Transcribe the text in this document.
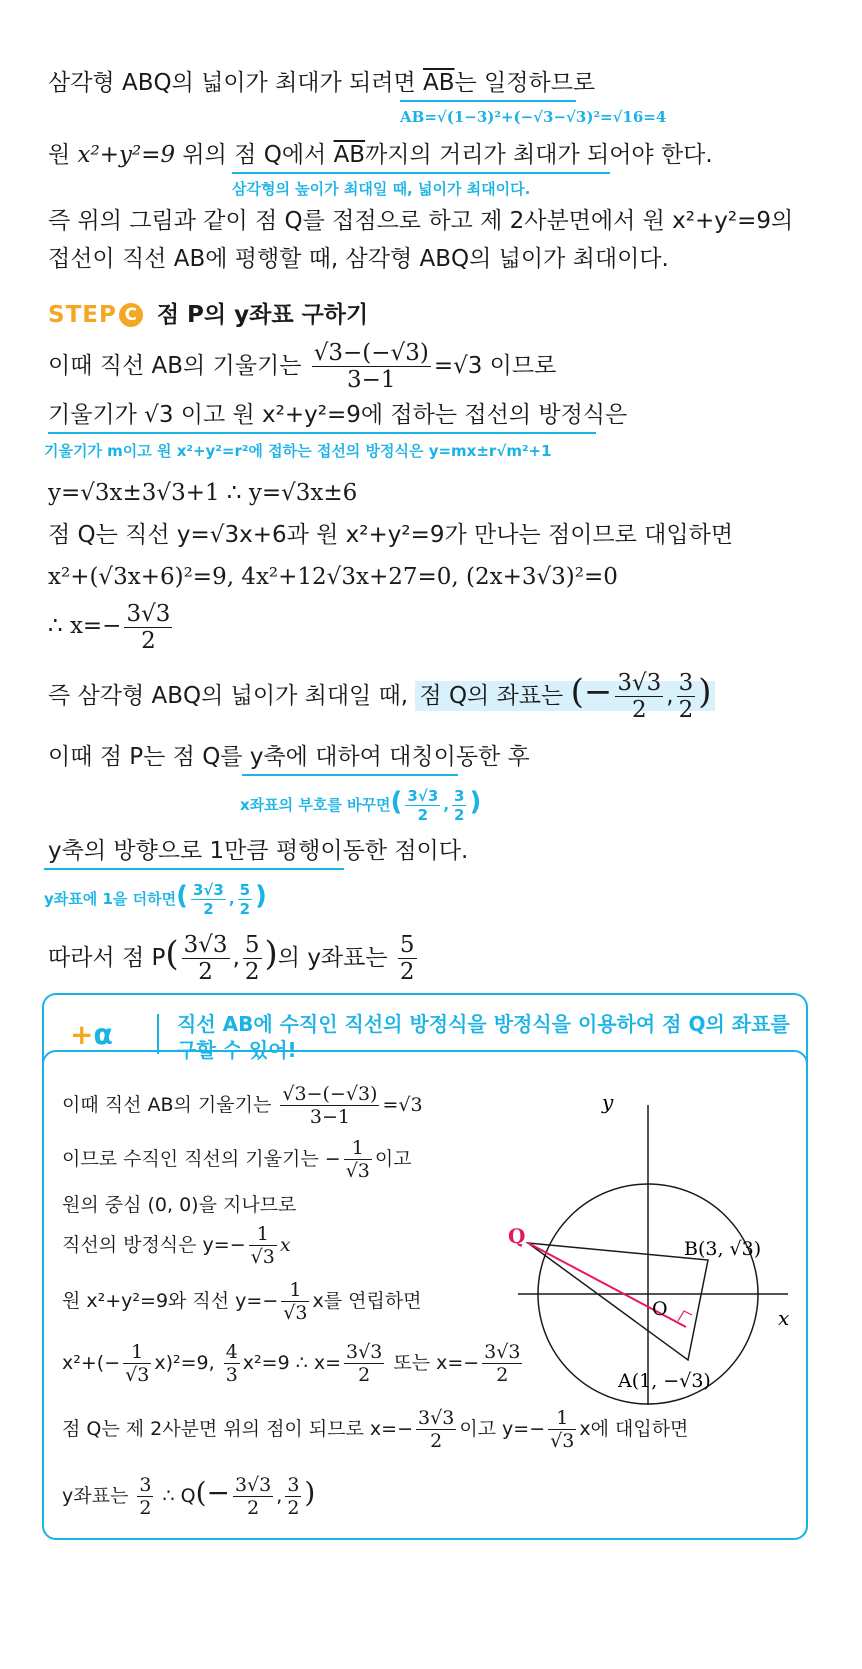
삼각형 ABQ의 넓이가 최대가 되려면 $\overline{AB}$는 일정하므로
AB=√(1−3)²+(−√3−√3)²=√16=4
원 x²+y²=9 위의 점 Q에서 $\overline{AB}$까지의 거리가 최대가 되어야 한다.
삼각형의 높이가 최대일 때, 넓이가 최대이다.
즉 위의 그림과 같이 점 Q를 접점으로 하고 제 2사분면에서 원 x²+y²=9의
접선이 직선 AB에 평행할 때, 삼각형 ABQ의 넓이가 최대이다.
STEP C 점 P의 y좌표 구하기
이때 직선 AB의 기울기는 $\frac{√3-(-√3)}{3-1} =√3$ 이므로
기울기가 √3 이고 원 x²+y²=9에 접하는 접선의 방정식은
기울기가 m이고 원 x²+y²=r²에 접하는 접선의 방정식은 y=mx±r√m²+1
y=√3x±3√3+1 ∴ y=√3x±6
점 Q는 직선 y=√3x+6과 원 x²+y²=9가 만나는 점이므로 대입하면
x²+(√3x+6)²=9, 4x²+12√3x+27=0, (2x+3√3)²=0
∴ $x=- \frac{3√3}{2}$
즉 삼각형 ABQ의 넓이가 최대일 때, 점 Q의 좌표는 (− $\frac{3√3}{2}$ , $\frac{3}{2}$ )
이때 점 P는 점 Q를 y축에 대하여 대칭이동한 후
x좌표의 부호를 바꾸면( $\frac{3√3}{2}$ , $\frac{3}{2}$ )
y축의 방향으로 1만큼 평행이동한 점이다.
y좌표에 1을 더하면( $\frac{3√3}{2}$ , $\frac{5}{2}$ )
따라서 점 $P( \frac{3√3}{2}$ , $\frac{5}{2}$ )의 y좌표는 $\frac{5}{2}$
+α	직선 AB에 수직인 직선의 방정식을 방정식을 이용하여 점 Q의 좌표를
구할 수 있어!
이때 직선 AB의 기울기는 $\frac{√3-(-√3)}{3-1} =√3$
이므로 수직인 직선의 기울기는 − $\frac{1}{√3}$ 이고
원의 중심 (0, 0)을 지나므로
직선의 방정식은 $y=- \frac{1}{√3}$ x
원 x²+y²=9와 직선 $y=- \frac{1}{√3}$ x를 연립하면
$x^2+(- \frac{1}{√3} x)^2=9$, $\frac{4}{3} x^2=9$ ∴ $x= \frac{3√3}{2}$ 또는 $x=- \frac{3√3}{2}$
점 Q는 제 2사분면 위의 점이 되므로 $x=- \frac{3√3}{2}$ 이고 $y=- \frac{1}{√3}$ x에 대입하면
y좌표는 $\frac{3}{2}$ ∴ $Q(- \frac{3√3}{2}$ , $\frac{3}{2}$ )
y
x
O
Q
B(3, √3)
A(1, −√3)
